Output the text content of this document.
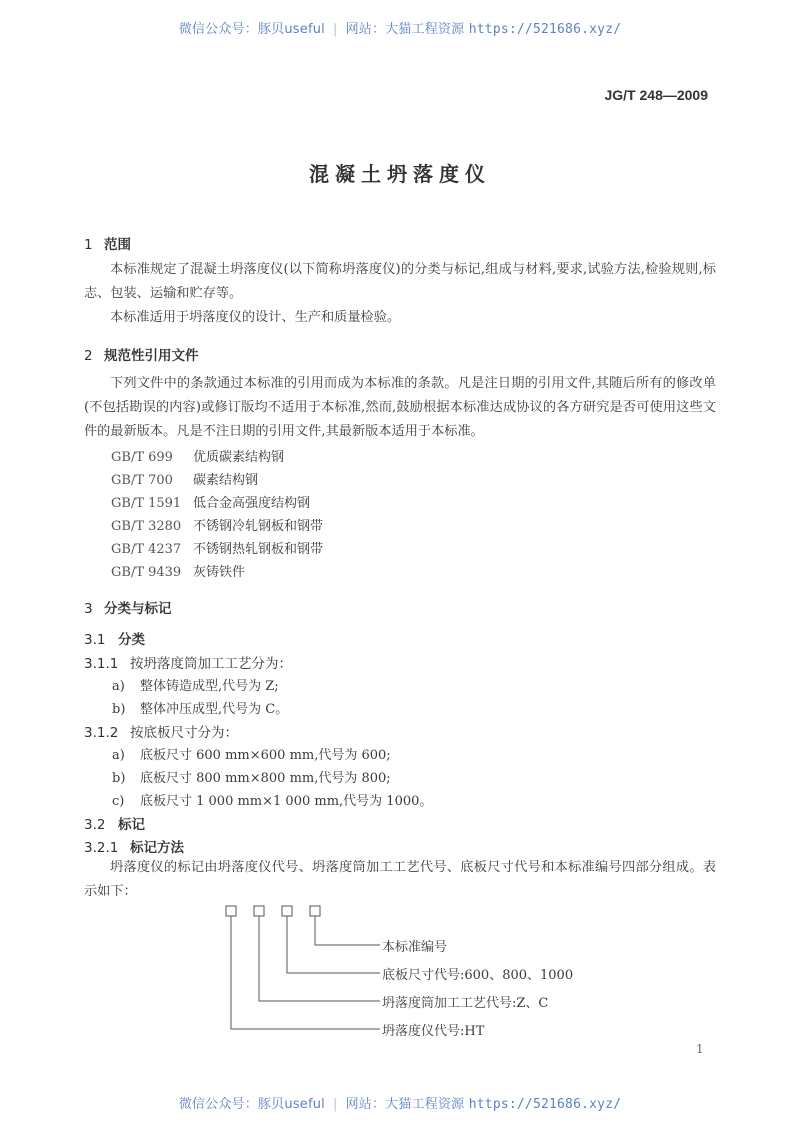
微信公众号：豚贝useful | 网站：大猫工程资源 https://521686.xyz/
JG/T 248—2009
混凝土坍落度仪
1 范围
本标准规定了混凝土坍落度仪(以下简称坍落度仪)的分类与标记,组成与材料,要求,试验方法,检验规则,标志、包装、运输和贮存等。
本标准适用于坍落度仪的设计、生产和质量检验。
2 规范性引用文件
下列文件中的条款通过本标准的引用而成为本标准的条款。凡是注日期的引用文件,其随后所有的修改单(不包括勘误的内容)或修订版均不适用于本标准,然而,鼓励根据本标准达成协议的各方研究是否可使用这些文件的最新版本。凡是不注日期的引用文件,其最新版本适用于本标准。
GB/T 699 优质碳素结构钢
GB/T 700 碳素结构钢
GB/T 1591 低合金高强度结构钢
GB/T 3280 不锈钢冷轧钢板和钢带
GB/T 4237 不锈钢热轧钢板和钢带
GB/T 9439 灰铸铁件
3 分类与标记
3.1 分类
3.1.1 按坍落度筒加工工艺分为：
a) 整体铸造成型,代号为 Z;
b) 整体冲压成型,代号为 C。
3.1.2 按底板尺寸分为：
a) 底板尺寸 600 mm×600 mm,代号为 600;
b) 底板尺寸 800 mm×800 mm,代号为 800;
c) 底板尺寸 1 000 mm×1 000 mm,代号为 1000。
3.2 标记
3.2.1 标记方法
坍落度仪的标记由坍落度仪代号、坍落度筒加工工艺代号、底板尺寸代号和本标准编号四部分组成。表示如下：
本标准编号
底板尺寸代号:600、800、1000
坍落度筒加工工艺代号:Z、C
坍落度仪代号:HT
1
微信公众号：豚贝useful | 网站：大猫工程资源 https://521686.xyz/
